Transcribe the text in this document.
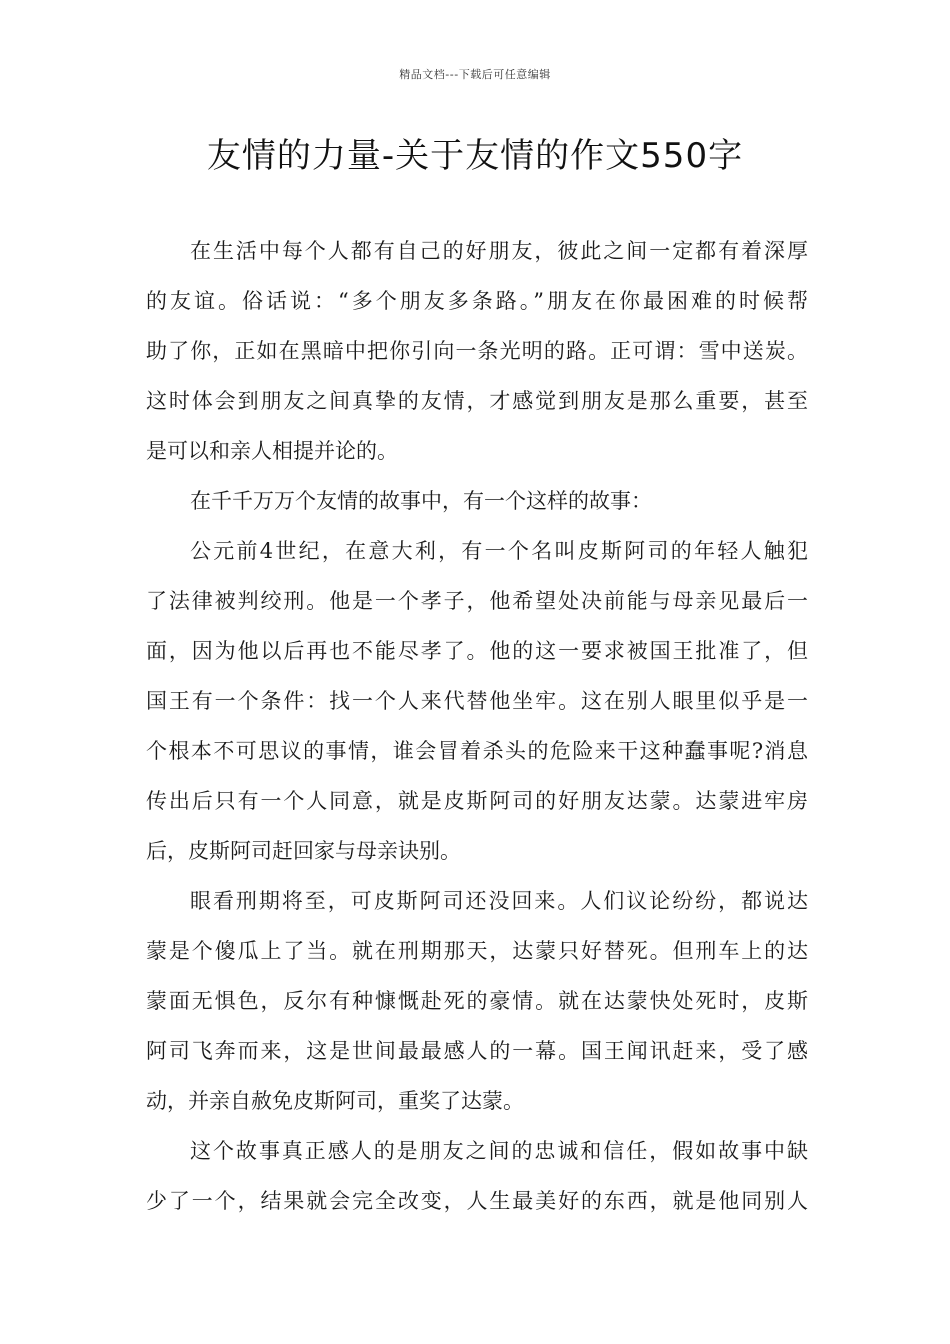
精品文档---下载后可任意编辑
友情的力量-关于友情的作文550字
在生活中每个人都有自己的好朋友，彼此之间一定都有着深厚
的友谊。俗话说：“多个朋友多条路。”朋友在你最困难的时候帮
助了你，正如在黑暗中把你引向一条光明的路。正可谓：雪中送炭。
这时体会到朋友之间真挚的友情，才感觉到朋友是那么重要，甚至
是可以和亲人相提并论的。
在千千万万个友情的故事中，有一个这样的故事：
公元前4世纪，在意大利，有一个名叫皮斯阿司的年轻人触犯
了法律被判绞刑。他是一个孝子，他希望处决前能与母亲见最后一
面，因为他以后再也不能尽孝了。他的这一要求被国王批准了，但
国王有一个条件：找一个人来代替他坐牢。这在别人眼里似乎是一
个根本不可思议的事情，谁会冒着杀头的危险来干这种蠢事呢?消息
传出后只有一个人同意，就是皮斯阿司的好朋友达蒙。达蒙进牢房
后，皮斯阿司赶回家与母亲诀别。
眼看刑期将至，可皮斯阿司还没回来。人们议论纷纷，都说达
蒙是个傻瓜上了当。就在刑期那天，达蒙只好替死。但刑车上的达
蒙面无惧色，反尔有种慷慨赴死的豪情。就在达蒙快处死时，皮斯
阿司飞奔而来，这是世间最最感人的一幕。国王闻讯赶来，受了感
动，并亲自赦免皮斯阿司，重奖了达蒙。
这个故事真正感人的是朋友之间的忠诚和信任，假如故事中缺
少了一个，结果就会完全改变，人生最美好的东西，就是他同别人
